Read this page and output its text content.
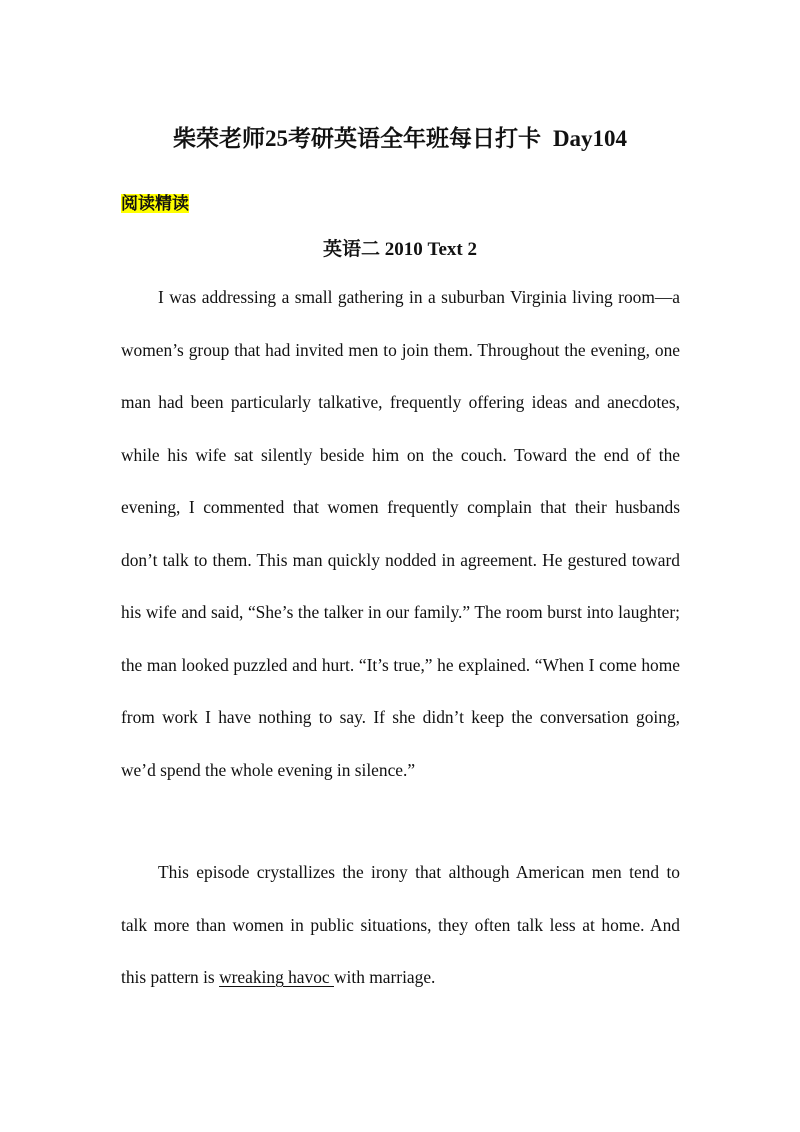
柴荣老师25考研英语全年班每日打卡 Day104
阅读精读
英语二 2010 Text 2

I was addressing a small gathering in a suburban Virginia living room—a women’s group that had invited men to join them. Throughout the evening, one man had been particularly talkative, frequently offering ideas and anecdotes, while his wife sat silently beside him on the couch. Toward the end of the evening, I commented that women frequently complain that their husbands don’t talk to them. This man quickly nodded in agreement. He gestured toward his wife and said, “She’s the talker in our family.” The room burst into laughter; the man looked puzzled and hurt. “It’s true,” he explained. “When I come home from work I have nothing to say. If she didn’t keep the conversation going, we’d spend the whole evening in silence.”

This episode crystallizes the irony that although American men tend to talk more than women in public situations, they often talk less at home. And this pattern is wreaking havoc with marriage.
